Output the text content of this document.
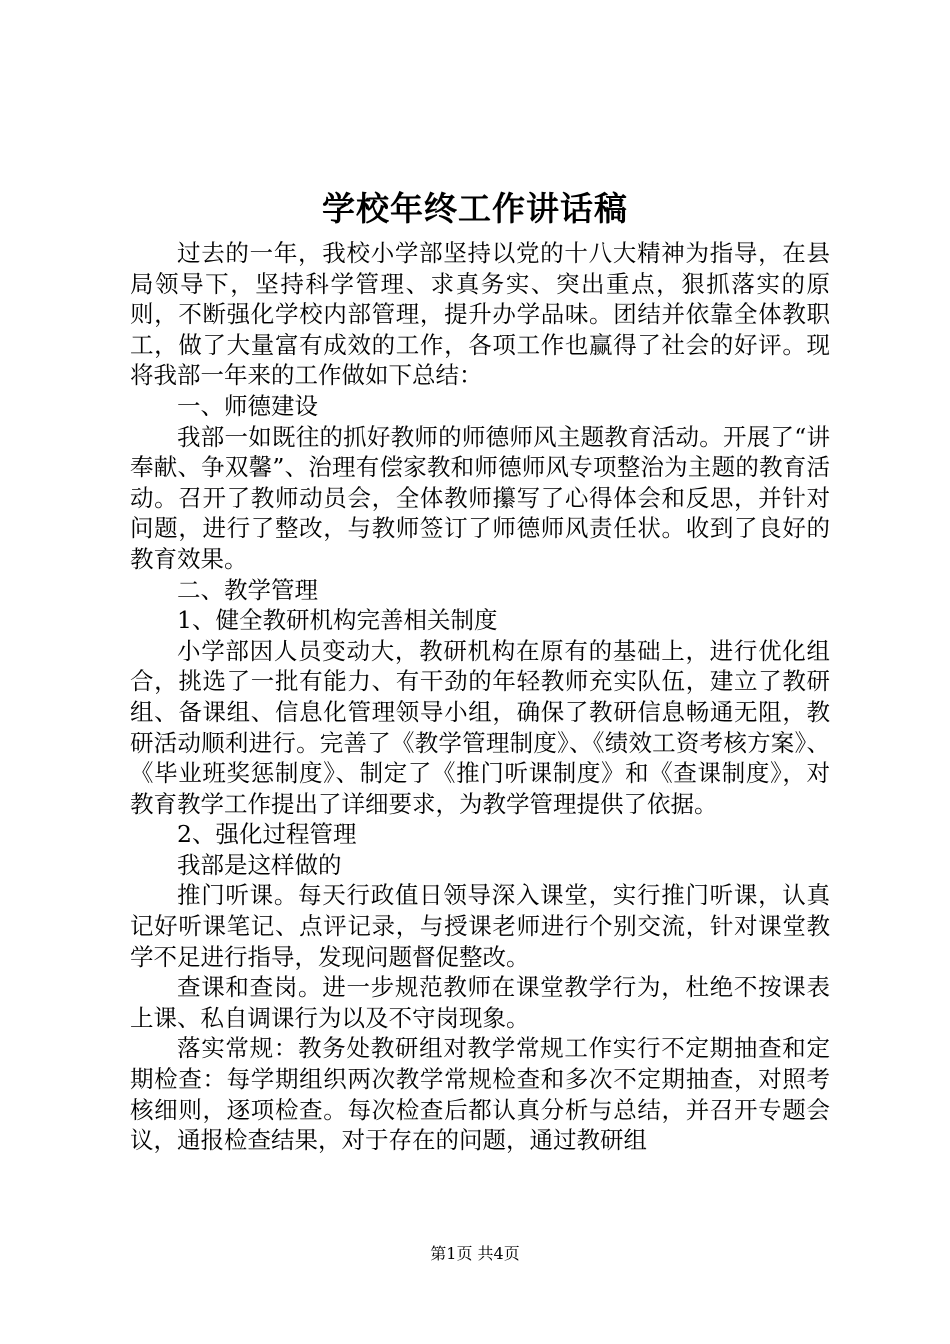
学校年终工作讲话稿

过去的一年，我校小学部坚持以党的十八大精神为指导，在县局领导下，坚持科学管理、求真务实、突出重点，狠抓落实的原则，不断强化学校内部管理，提升办学品味。团结并依靠全体教职工，做了大量富有成效的工作，各项工作也赢得了社会的好评。现将我部一年来的工作做如下总结：

一、师德建设

我部一如既往的抓好教师的师德师风主题教育活动。开展了“讲奉献、争双馨”、治理有偿家教和师德师风专项整治为主题的教育活动。召开了教师动员会，全体教师攥写了心得体会和反思，并针对问题，进行了整改，与教师签订了师德师风责任状。收到了良好的教育效果。

二、教学管理

1、健全教研机构完善相关制度

小学部因人员变动大，教研机构在原有的基础上，进行优化组合，挑选了一批有能力、有干劲的年轻教师充实队伍，建立了教研组、备课组、信息化管理领导小组，确保了教研信息畅通无阻，教研活动顺利进行。完善了《教学管理制度》、《绩效工资考核方案》、《毕业班奖惩制度》、制定了《推门听课制度》和《查课制度》，对教育教学工作提出了详细要求，为教学管理提供了依据。

2、强化过程管理

我部是这样做的

推门听课。每天行政值日领导深入课堂，实行推门听课，认真记好听课笔记、点评记录，与授课老师进行个别交流，针对课堂教学不足进行指导，发现问题督促整改。

查课和查岗。进一步规范教师在课堂教学行为，杜绝不按课表上课、私自调课行为以及不守岗现象。

落实常规：教务处教研组对教学常规工作实行不定期抽查和定期检查：每学期组织两次教学常规检查和多次不定期抽查，对照考核细则，逐项检查。每次检查后都认真分析与总结，并召开专题会议，通报检查结果，对于存在的问题，通过教研组

第1页 共4页
